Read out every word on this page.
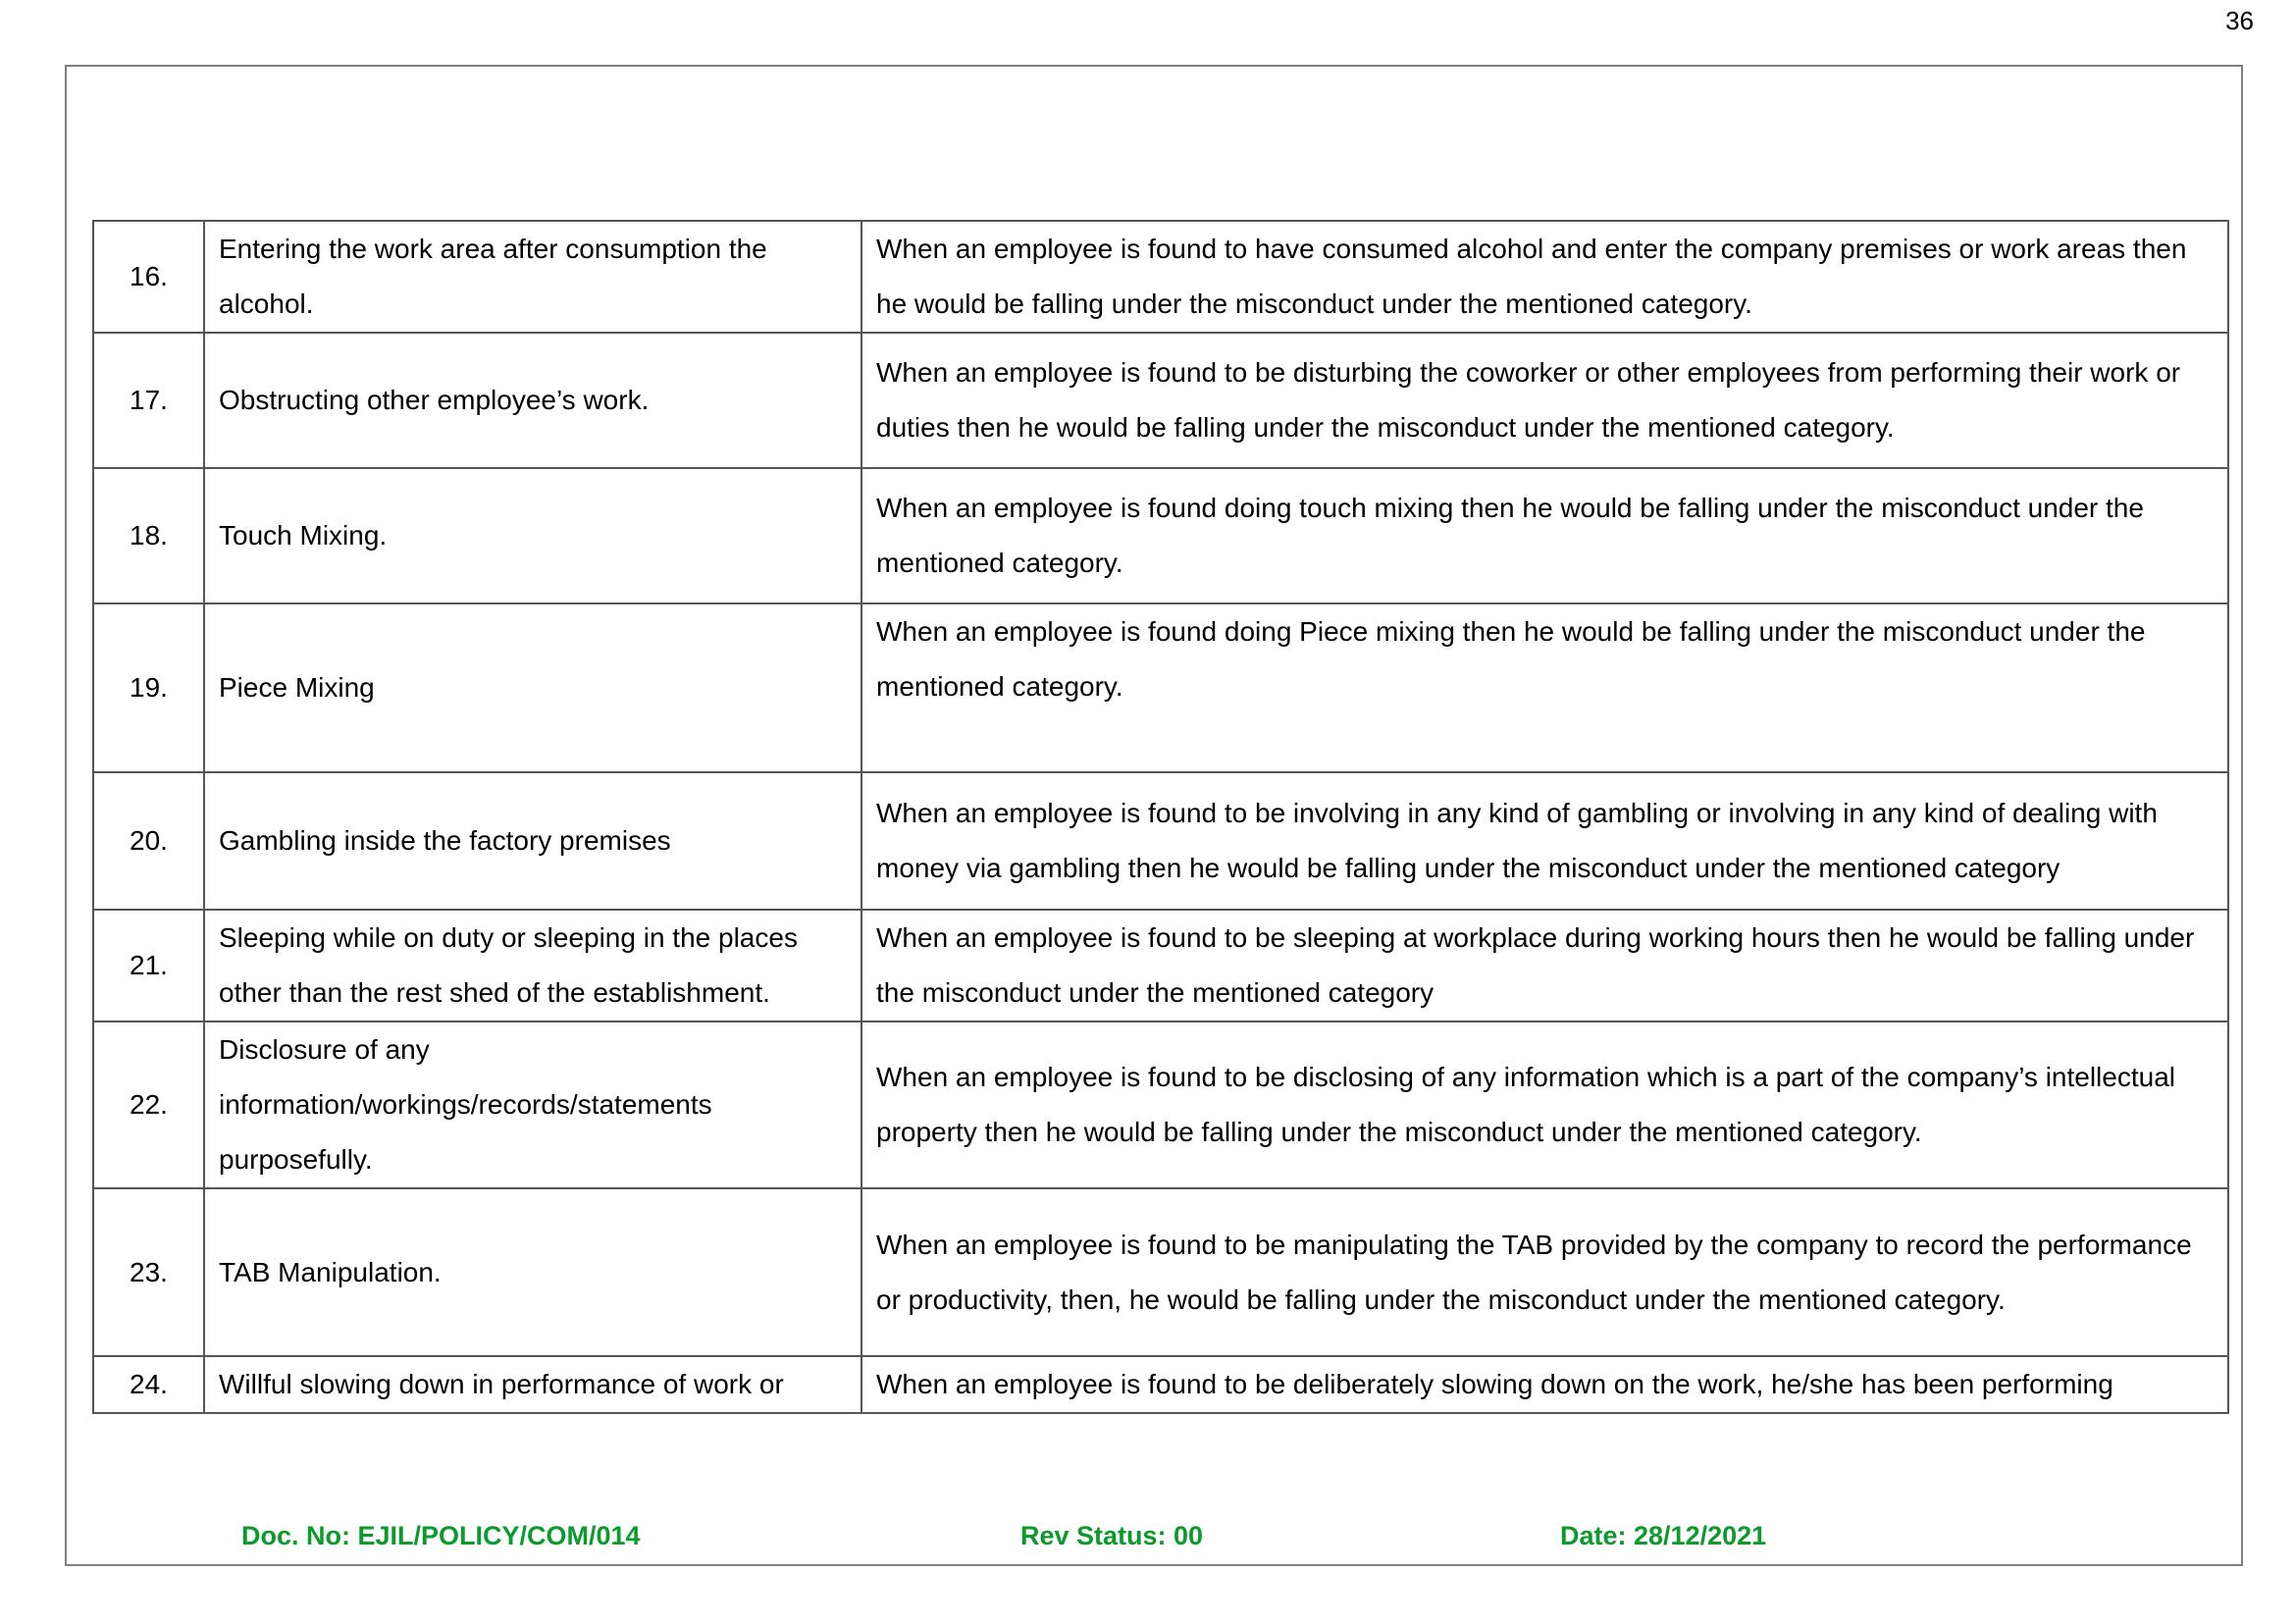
36
16.	Entering the work area after consumption the alcohol.	When an employee is found to have consumed alcohol and enter the company premises or work areas then he would be falling under the misconduct under the mentioned category.
17.	Obstructing other employee’s work.	When an employee is found to be disturbing the coworker or other employees from performing their work or duties then he would be falling under the misconduct under the mentioned category.
18.	Touch Mixing.	When an employee is found doing touch mixing then he would be falling under the misconduct under the mentioned category.
19.	Piece Mixing	When an employee is found doing Piece mixing then he would be falling under the misconduct under the mentioned category.
20.	Gambling inside the factory premises	When an employee is found to be involving in any kind of gambling or involving in any kind of dealing with money via gambling then he would be falling under the misconduct under the mentioned category
21.	Sleeping while on duty or sleeping in the places other than the rest shed of the establishment.	When an employee is found to be sleeping at workplace during working hours then he would be falling under the misconduct under the mentioned category
22.	Disclosure of any information/workings/records/statements purposefully.	When an employee is found to be disclosing of any information which is a part of the company’s intellectual property then he would be falling under the misconduct under the mentioned category.
23.	TAB Manipulation.	When an employee is found to be manipulating the TAB provided by the company to record the performance or productivity, then, he would be falling under the misconduct under the mentioned category.
24.	Willful slowing down in performance of work or	When an employee is found to be deliberately slowing down on the work, he/she has been performing
Doc. No: EJIL/POLICY/COM/014	Rev Status: 00	Date: 28/12/2021
